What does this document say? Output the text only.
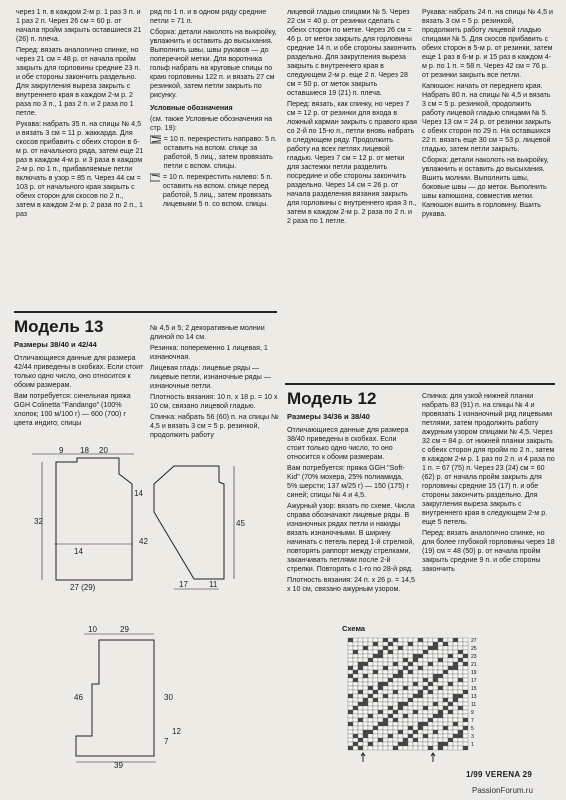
через 1 п. в каждом 2-м р. 1 раз 3 п. и 1 раз 2 п. Через 26 см = 60 р. от начала пройм закрыть оставшиеся 21 (26) п. плеча.

Перед: вязать аналогично спинке, но через 21 см = 48 р. от начала пройм закрыть для горловины средние 23 п. и обе стороны закончить раздельно. Для закругления выреза закрыть с внутреннего края в каждом 2-м р. 2 раза по 3 п., 1 раз 2 п. и 2 раза по 1 петле.

Рукава: набрать 35 п. на спицы № 4,5 и вязать 3 см = 11 р. жаккарда. Для скосов прибавить с обеих сторон в 6-м р. от начального ряда, затем еще 21 раз в каждом 4-м р. и 3 раза в каждом 2-м р. по 1 п., прибавляемые петли включать в узор = 85 п. Через 44 см = 103 р. от начального края закрыть с обеих сторон для скосов по 2 п., затем в каждом 2-м р. 2 раза по 2 п., 1 раз

ряд по 1 п. и в одном ряду средние петли = 71 п.

Сборка: детали наколоть на выкройку, увлажнить и оставить до высыхания. Выполнить швы, швы рукавов — до поперечной метки. Для воротника гольф набрать на круговые спицы по краю горловины 122 п. и вязать 27 см резинкой, затем петли закрыть по рисунку.

Условные обозначения

(см. также Условные обозначения на стр. 19):

= 10 п. перекрестить направо: 5 п. оставить на вспом. спице за работой, 5 лиц., затем провязать петли с вспом. спицы.
= 10 п. перекрестить налево: 5 п. оставить на вспом. спице перед работой, 5 лиц., затем провязать лицевыми 5 п. со вспом. спицы.

лицевой гладью спицами № 5. Через 22 см = 40 р. от резинки сделать с обеих сторон по метке. Через 26 см = 46 р. от меток закрыть для горловины средние 14 п. и обе стороны закончить раздельно. Для закругления выреза закрыть с внутреннего края в следующем 2-м р. еще 2 п. Через 28 см = 50 р. от меток закрыть оставшиеся 19 (21) п. плеча.

Перед: вязать, как спинку, но через 7 см = 12 р. от резинки для входа в ложный карман закрыть с правого края со 2-й по 15-ю п., петли вновь набрать в следующем ряду. Продолжить работу на всех петлях лицевой гладью. Через 7 см = 12 р. от метки для застежки петли разделить посредине и обе стороны закончить раздельно. Через 14 см = 26 р. от начала разделения вязания закрыть для горловины с внутреннего края 3 п., затем в каждом 2-м р. 2 раза по 2 п. и 2 раза по 1 петле.

Рукава: набрать 24 п. на спицы № 4,5 и вязать 3 см = 5 р. резинкой, продолжить работу лицевой гладью спицами № 5. Для скосов прибавить с обеих сторон в 5-м р. от резинки, затем еще 1 раз в 6-м р. и 15 раз в каждом 4-м р. по 1 п. = 58 п. Через 42 см = 76 р. от резинки закрыть все петли.

Капюшон: начать от переднего края. Набрать 80 п. на спицы № 4,5 и вязать 3 см = 5 р. резинкой, продолжить работу лицевой гладью спицами № 5. Через 13 см = 24 р. от резинки закрыть с обеих сторон по 29 п. На оставшихся 22 п. вязать еще 30 см = 53 р. лицевой гладью, затем петли закрыть.

Сборка: детали наколоть на выкройку, увлажнить и оставить до высыхания. Вшить молнии. Выполнить швы, боковые швы — до меток. Выполнить швы капюшона, совместив метки. Капюшон вшить в горловину. Вшить рукава.

Модель 13
Размеры 38/40 и 42/44

Отличающиеся данные для размера 42/44 приведены в скобках. Если стоит только одно число, оно относится к обоим размерам.

Вам потребуется: синельная пряжа GGH Colinetta "Fandango" (100% хлопок; 100 м/100 г) — 600 (700) г цвета индиго; спицы

№ 4,5 и 5; 2 декоративные молнии длиной по 14 см.

Резинка: попеременно 1 лицевая, 1 изнаночная.

Лицевая гладь: лицевые ряды — лицевые петли, изнаночные ряды — изнаночные петли.

Плотность вязания: 10 п. x 18 р. = 10 x 10 см, связано лицевой гладью.

Спинка: набрать 56 (60) п. на спицы № 4,5 и вязать 3 см = 5 р. резинкой, продолжить работу

18
9	20
32
14
27 (29)
42
14
45
17	11
29
10
46	30
39
7
12
Модель 12
Размеры 34/36 и 38/40

Отличающиеся данные для размера 38/40 приведены в скобках. Если стоит только одно число, то оно относится к обоим размерам.

Вам потребуется: пряжа GGH "Soft-Kid" (70% мохера, 25% полиамида, 5% шерсти; 137 м/25 г) — 150 (175) г синей; спицы № 4 и 4,5.

Ажурный узор: вязать по схеме. Числа справа обозначают лицевые ряды. В изнаночных рядах петли и накиды вязать изнаночными. В ширину начинать с петель перед 1-й стрелкой, повторять раппорт между стрелками, заканчивать петлями после 2-й стрелки. Повторять с 1-го по 28-й ряд.

Плотность вязания: 24 п. x 26 р. = 14,5 x 10 см, связано ажурным узором.

Спинка: для узкой нижней планки набрать 83 (91) п. на спицы № 4 и провязать 1 изнаночный ряд лицевыми петлями, затем продолжить работу ажурным узором спицами № 4,5. Через 32 см = 84 р. от нижней планки закрыть с обеих сторон для пройм по 2 п., затем в каждом 2-м р. 1 раз по 2 п. и 4 раза по 1 п. = 67 (75) п. Через 23 (24) см = 60 (62) р. от начала пройм закрыть для горловины средние 15 (17) п. и обе стороны закончить раздельно. Для закругления выреза закрыть с внутреннего края в следующем 2-м р. еще 5 петель.

Перед: вязать аналогично спинке, но для более глубокой горловины через 18 (19) см = 48 (50) р. от начала пройм закрыть средние 9 п. и обе стороны закончить

Схема
27
25
23
21
19
17
15
13
11
9
7
5
3
1
1/99 VERENA 29
PassionForum.ru
